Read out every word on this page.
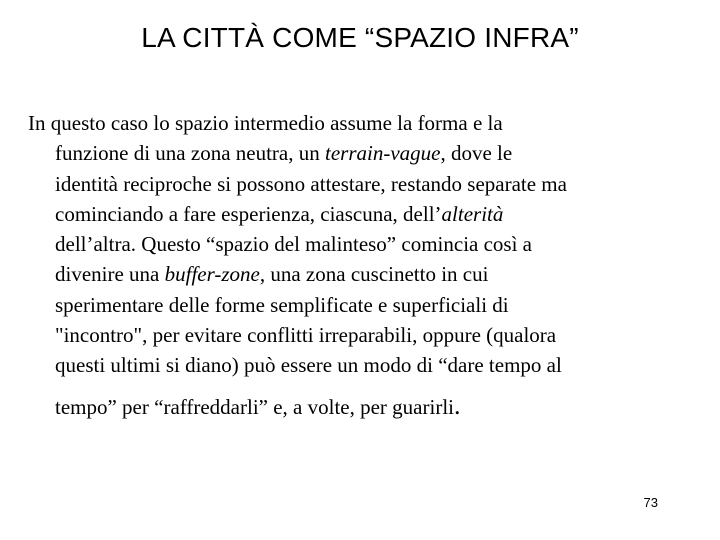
LA CITTÀ COME “SPAZIO INFRA”
In questo caso lo spazio intermedio assume la forma e la
funzione di una zona neutra, un terrain-vague, dove le
identità reciproche si possono attestare, restando separate ma
cominciando a fare esperienza, ciascuna, dell’alterità
dell’altra. Questo “spazio del malinteso” comincia così a
divenire una buffer-zone, una zona cuscinetto in cui
sperimentare delle forme semplificate e superficiali di
"incontro", per evitare conflitti irreparabili, oppure (qualora
questi ultimi si diano) può essere un modo di “dare tempo al
tempo” per “raffreddarli” e, a volte, per guarirli.
73
